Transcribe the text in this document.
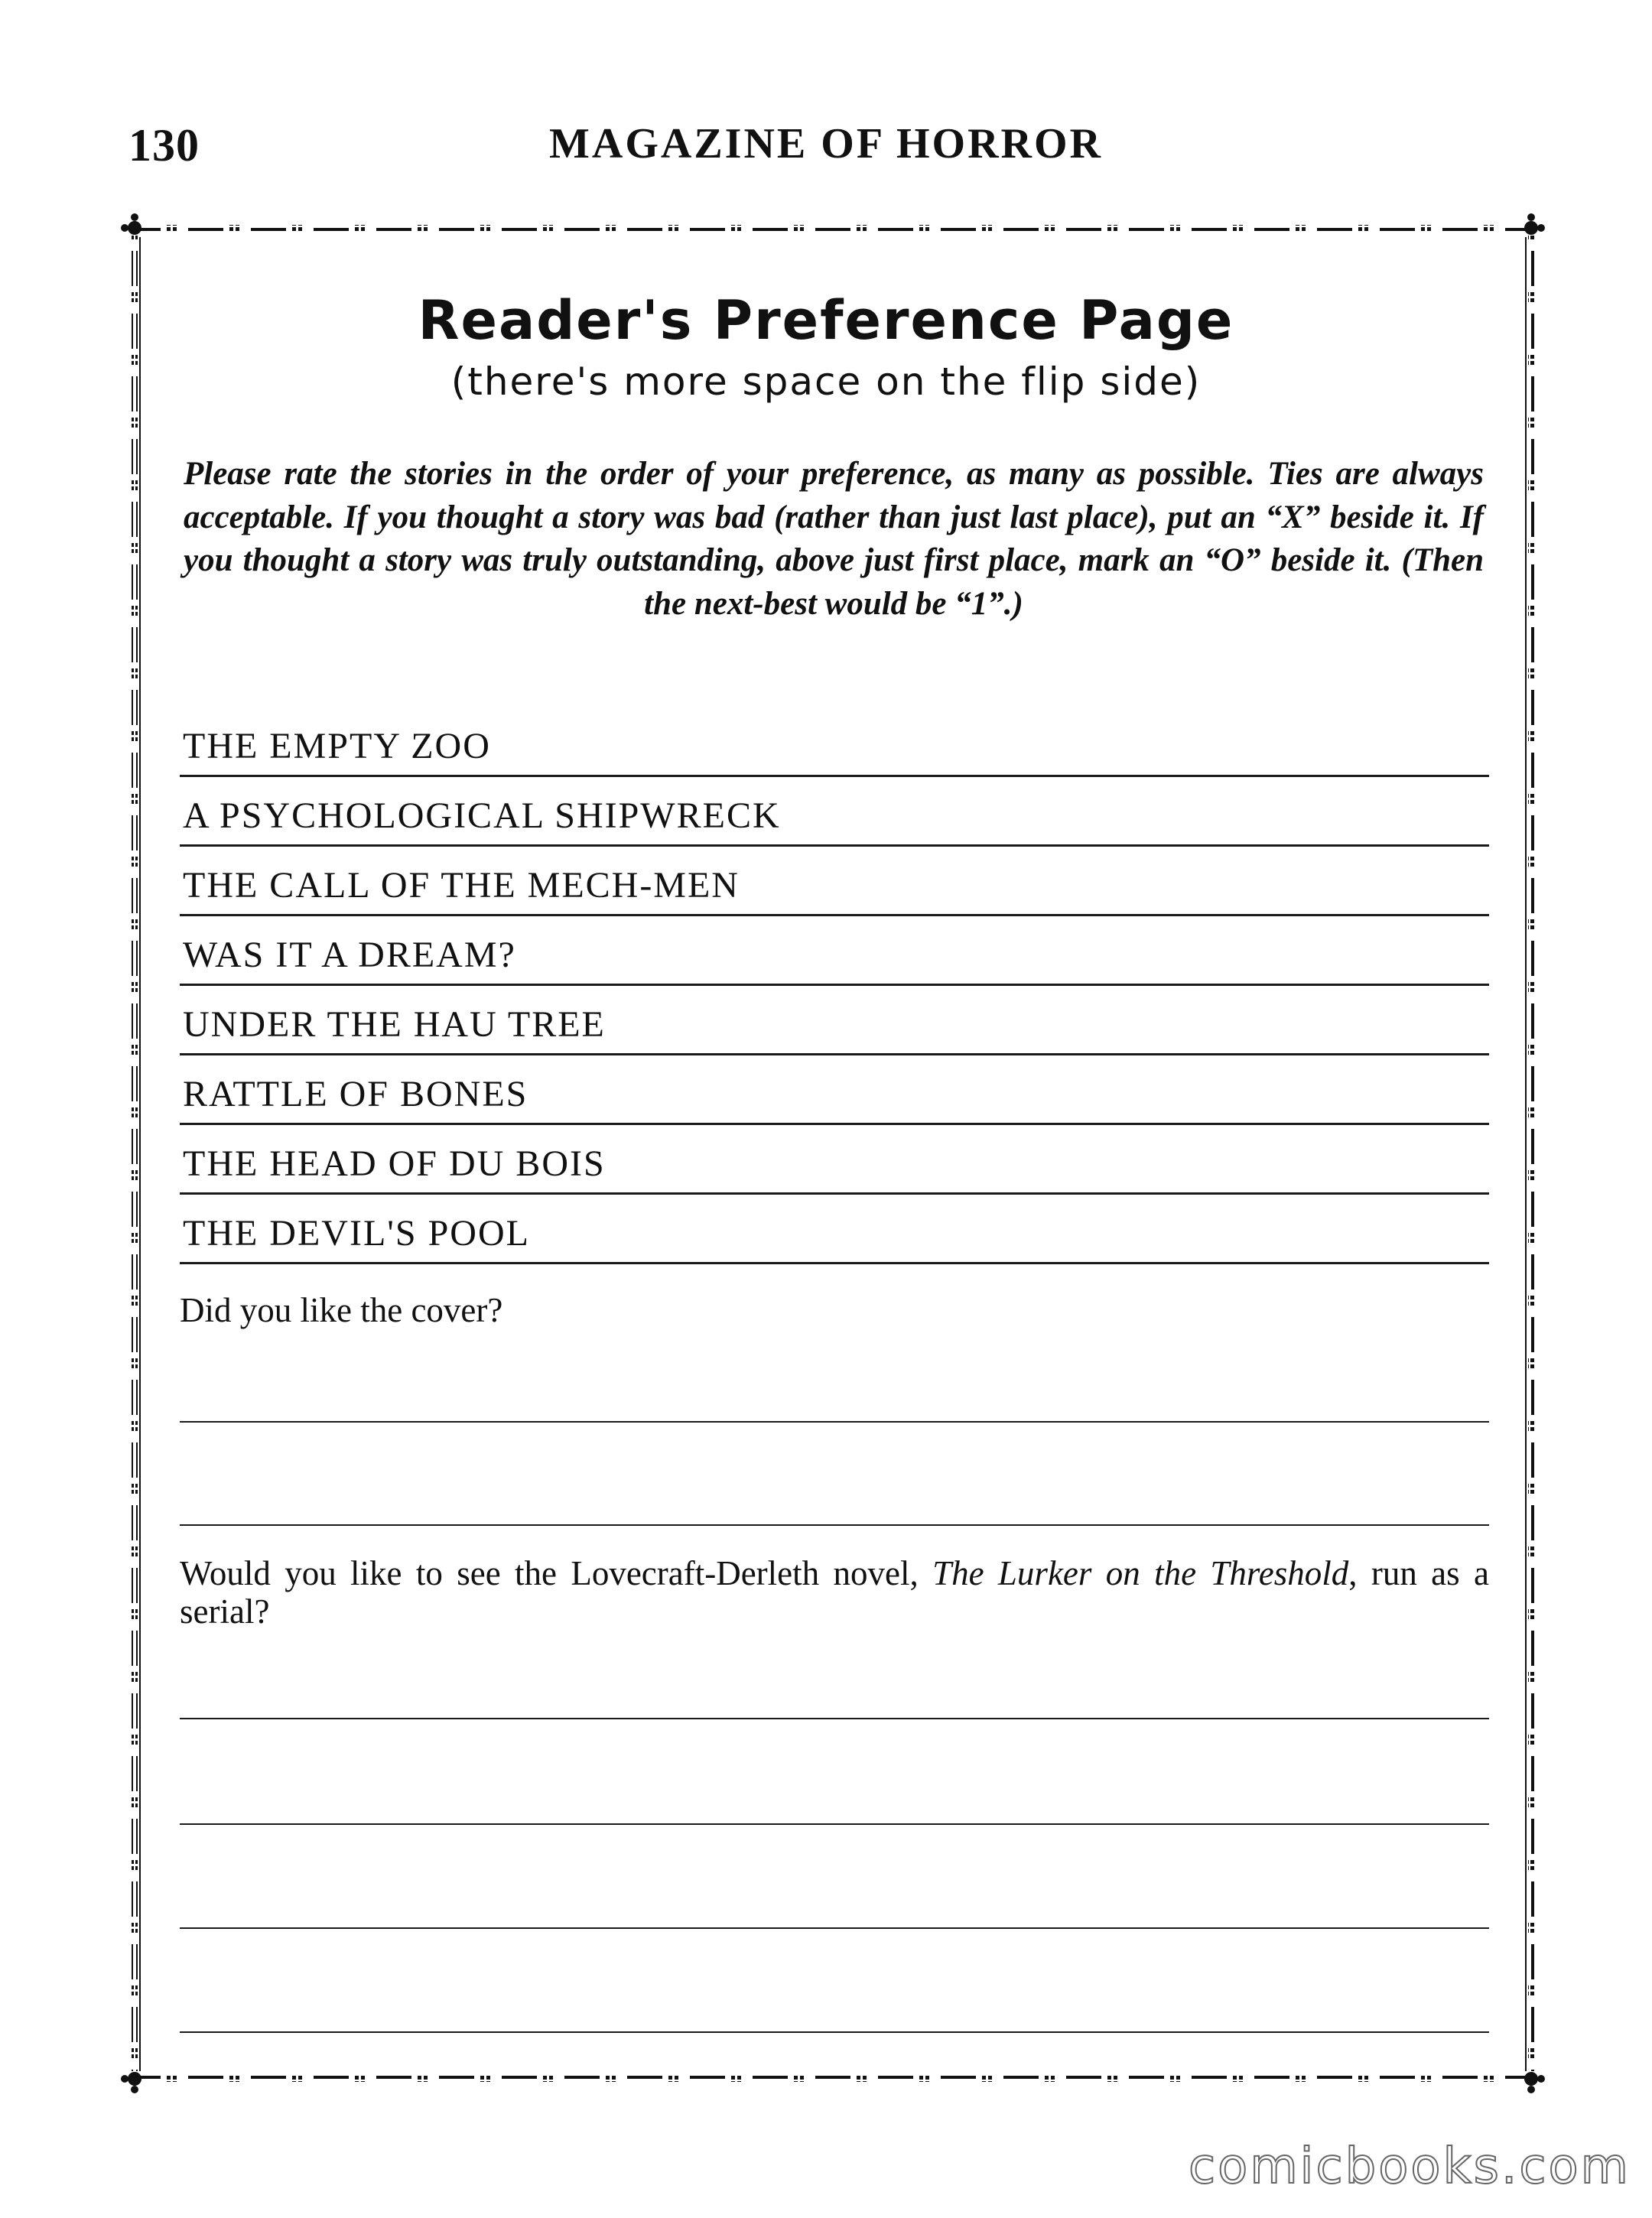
130	MAGAZINE OF HORROR
Reader's Preference Page
(there's more space on the flip side)

Please rate the stories in the order of your preference, as many as possible. Ties are always acceptable. If you thought a story was bad (rather than just last place), put an “X” beside it. If you thought a story was truly outstanding, above just first place, mark an “O” beside it. (Then the next-best would be “1”.)

THE EMPTY ZOO
A PSYCHOLOGICAL SHIPWRECK
THE CALL OF THE MECH-MEN
WAS IT A DREAM?
UNDER THE HAU TREE
RATTLE OF BONES
THE HEAD OF DU BOIS
THE DEVIL'S POOL

Did you like the cover?

Would you like to see the Lovecraft-Derleth novel, The Lurker on the Threshold, run as a serial?

comicbooks.com
